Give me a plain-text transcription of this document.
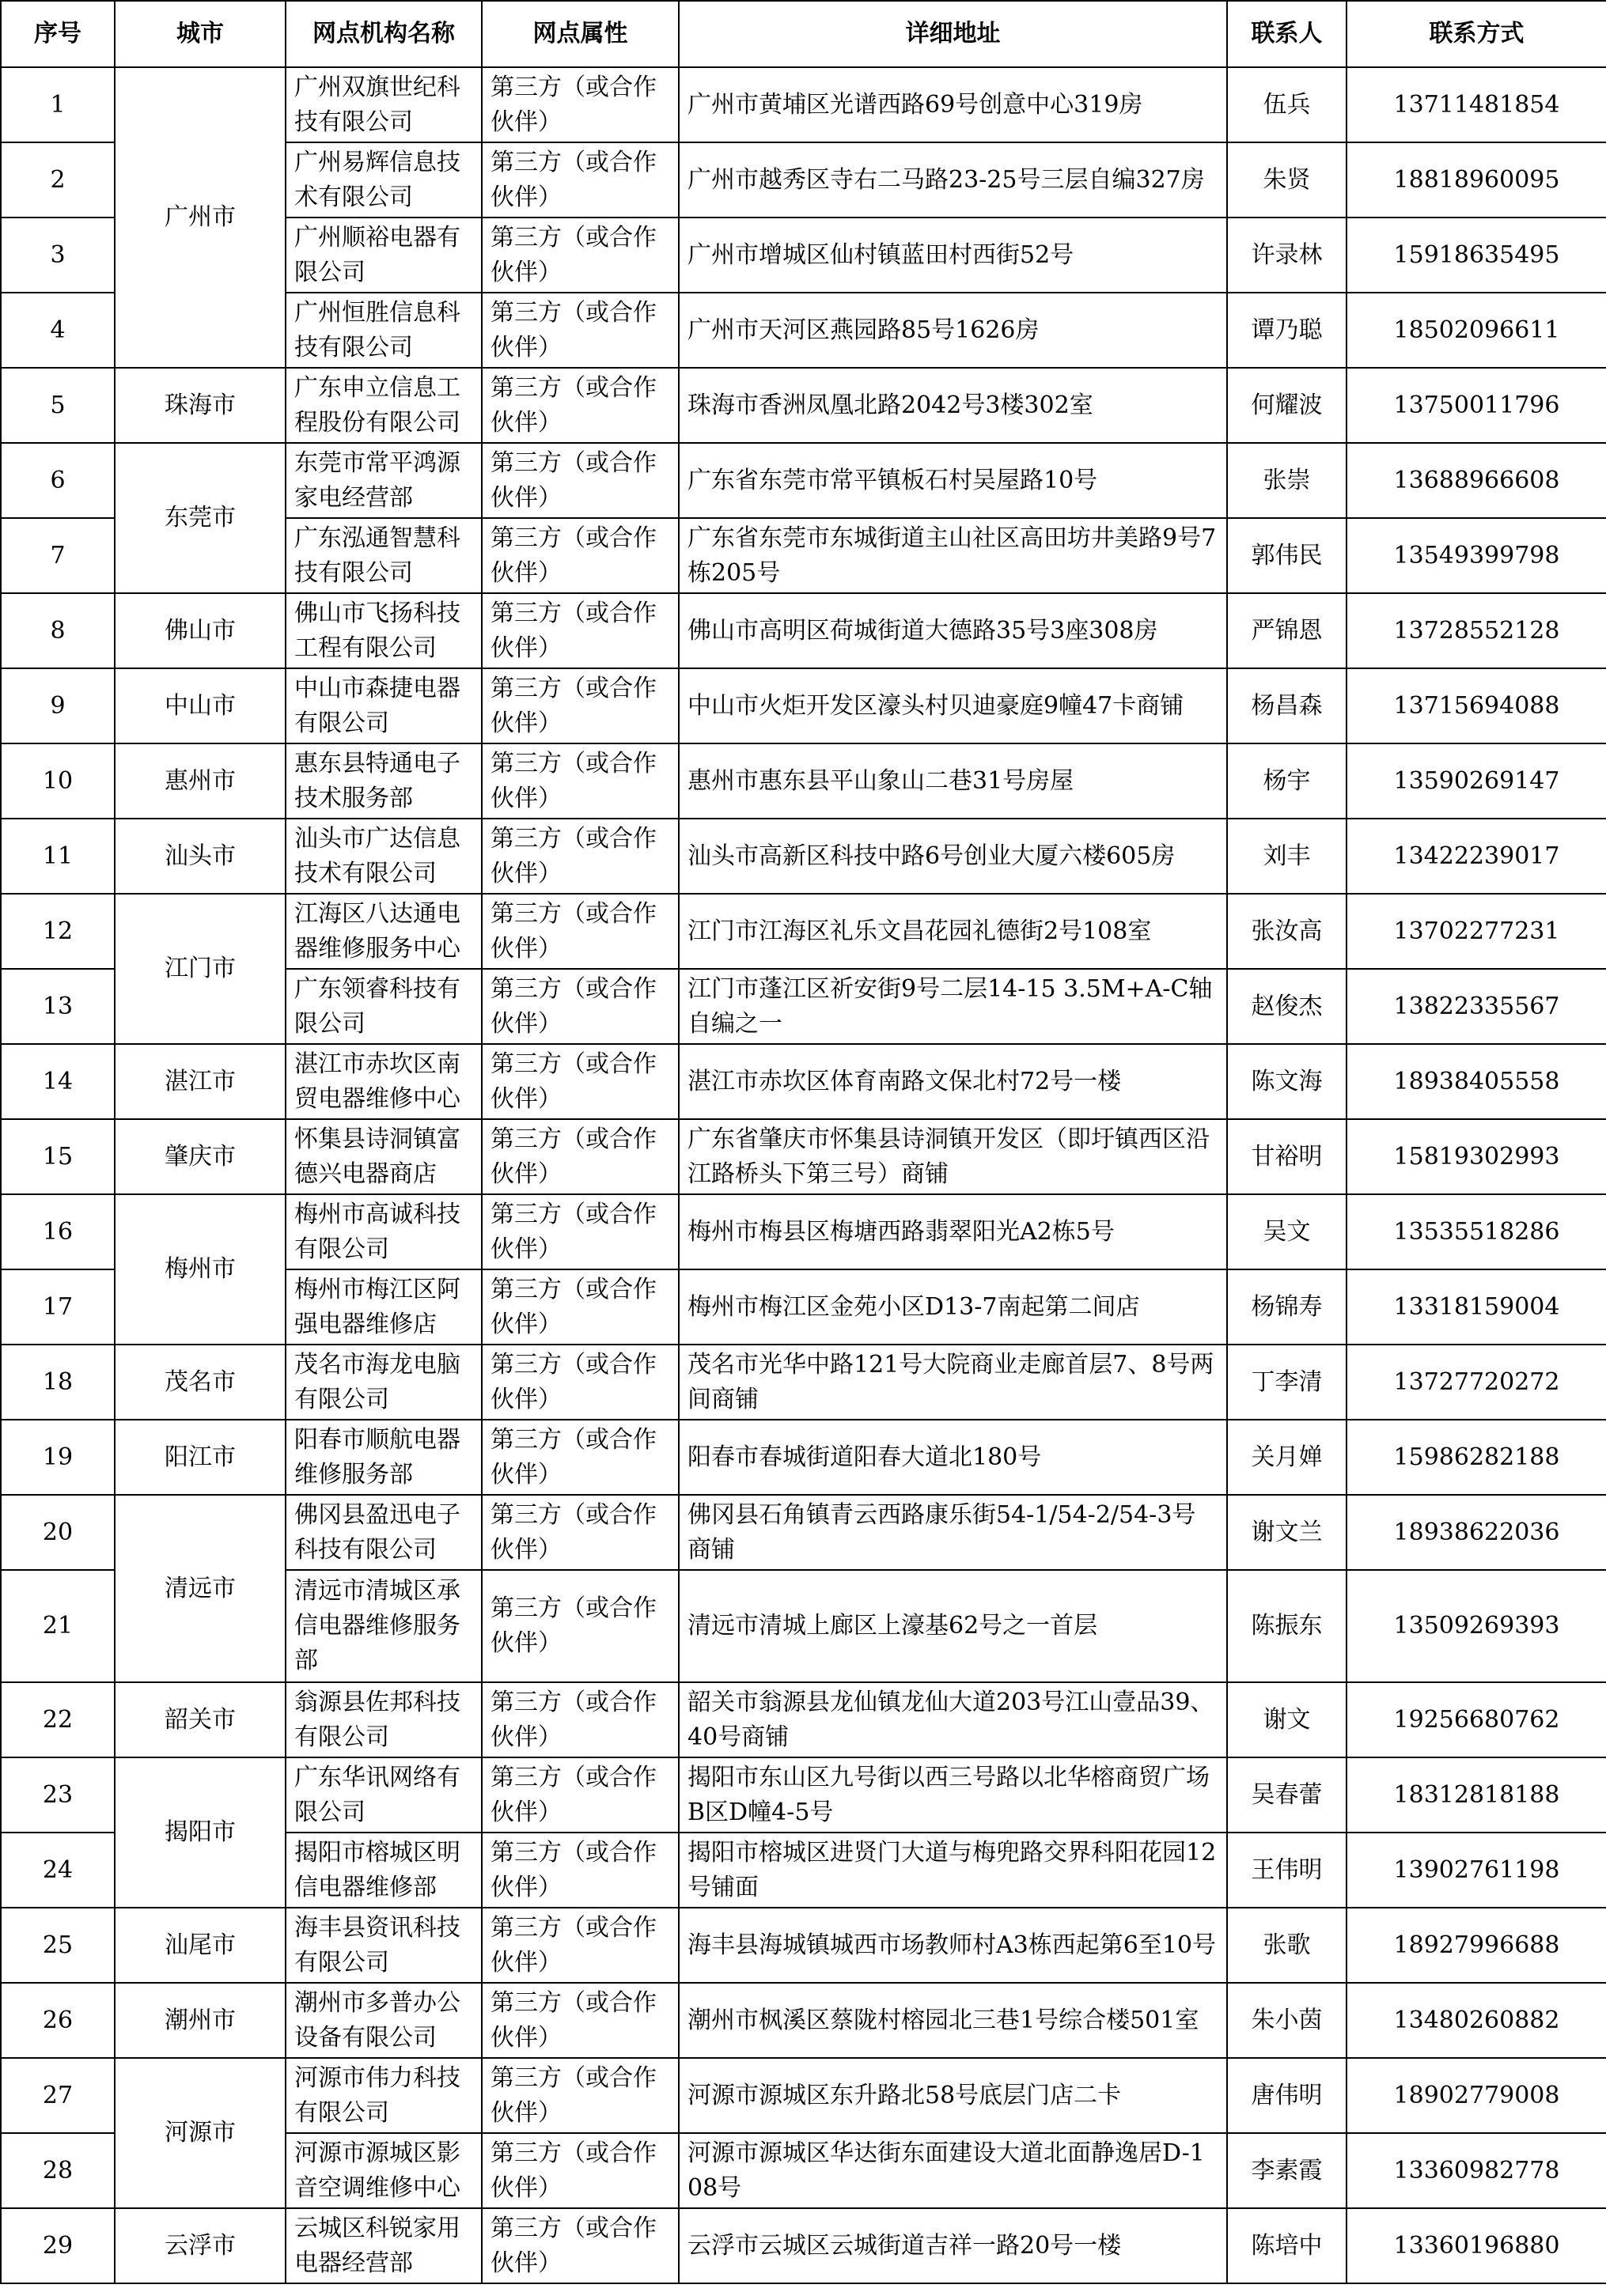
序号	城市	网点机构名称	网点属性	详细地址	联系人	联系方式
1	广州市	广州双旗世纪科技有限公司	第三方（或合作伙伴）	广州市黄埔区光谱西路69号创意中心319房	伍兵	13711481854
2		广州易辉信息技术有限公司	第三方（或合作伙伴）	广州市越秀区寺右二马路23-25号三层自编327房	朱贤	18818960095
3		广州顺裕电器有限公司	第三方（或合作伙伴）	广州市增城区仙村镇蓝田村西街52号	许录林	15918635495
4		广州恒胜信息科技有限公司	第三方（或合作伙伴）	广州市天河区燕园路85号1626房	谭乃聪	18502096611
5	珠海市	广东申立信息工程股份有限公司	第三方（或合作伙伴）	珠海市香洲凤凰北路2042号3楼302室	何耀波	13750011796
6	东莞市	东莞市常平鸿源家电经营部	第三方（或合作伙伴）	广东省东莞市常平镇板石村吴屋路10号	张崇	13688966608
7		广东泓通智慧科技有限公司	第三方（或合作伙伴）	广东省东莞市东城街道主山社区高田坊井美路9号7栋205号	郭伟民	13549399798
8	佛山市	佛山市飞扬科技工程有限公司	第三方（或合作伙伴）	佛山市高明区荷城街道大德路35号3座308房	严锦恩	13728552128
9	中山市	中山市森捷电器有限公司	第三方（或合作伙伴）	中山市火炬开发区濠头村贝迪豪庭9幢47卡商铺	杨昌森	13715694088
10	惠州市	惠东县特通电子技术服务部	第三方（或合作伙伴）	惠州市惠东县平山象山二巷31号房屋	杨宇	13590269147
11	汕头市	汕头市广达信息技术有限公司	第三方（或合作伙伴）	汕头市高新区科技中路6号创业大厦六楼605房	刘丰	13422239017
12	江门市	江海区八达通电器维修服务中心	第三方（或合作伙伴）	江门市江海区礼乐文昌花园礼德街2号108室	张汝高	13702277231
13		广东领睿科技有限公司	第三方（或合作伙伴）	江门市蓬江区祈安街9号二层14-15 3.5M+A-C轴自编之一	赵俊杰	13822335567
14	湛江市	湛江市赤坎区南贸电器维修中心	第三方（或合作伙伴）	湛江市赤坎区体育南路文保北村72号一楼	陈文海	18938405558
15	肇庆市	怀集县诗洞镇富德兴电器商店	第三方（或合作伙伴）	广东省肇庆市怀集县诗洞镇开发区（即圩镇西区沿江路桥头下第三号）商铺	甘裕明	15819302993
16	梅州市	梅州市高诚科技有限公司	第三方（或合作伙伴）	梅州市梅县区梅塘西路翡翠阳光A2栋5号	吴文	13535518286
17		梅州市梅江区阿强电器维修店	第三方（或合作伙伴）	梅州市梅江区金苑小区D13-7南起第二间店	杨锦寿	13318159004
18	茂名市	茂名市海龙电脑有限公司	第三方（或合作伙伴）	茂名市光华中路121号大院商业走廊首层7、8号两间商铺	丁李清	13727720272
19	阳江市	阳春市顺航电器维修服务部	第三方（或合作伙伴）	阳春市春城街道阳春大道北180号	关月婵	15986282188
20	清远市	佛冈县盈迅电子科技有限公司	第三方（或合作伙伴）	佛冈县石角镇青云西路康乐街54-1/54-2/54-3号商铺	谢文兰	18938622036
21		清远市清城区承信电器维修服务部	第三方（或合作伙伴）	清远市清城上廊区上濠基62号之一首层	陈振东	13509269393
22	韶关市	翁源县佐邦科技有限公司	第三方（或合作伙伴）	韶关市翁源县龙仙镇龙仙大道203号江山壹品39、40号商铺	谢文	19256680762
23	揭阳市	广东华讯网络有限公司	第三方（或合作伙伴）	揭阳市东山区九号街以西三号路以北华榕商贸广场B区D幢4-5号	吴春蕾	18312818188
24		揭阳市榕城区明信电器维修部	第三方（或合作伙伴）	揭阳市榕城区进贤门大道与梅兜路交界科阳花园12号铺面	王伟明	13902761198
25	汕尾市	海丰县资讯科技有限公司	第三方（或合作伙伴）	海丰县海城镇城西市场教师村A3栋西起第6至10号	张歌	18927996688
26	潮州市	潮州市多普办公设备有限公司	第三方（或合作伙伴）	潮州市枫溪区蔡陇村榕园北三巷1号综合楼501室	朱小茵	13480260882
27	河源市	河源市伟力科技有限公司	第三方（或合作伙伴）	河源市源城区东升路北58号底层门店二卡	唐伟明	18902779008
28		河源市源城区影音空调维修中心	第三方（或合作伙伴）	河源市源城区华达街东面建设大道北面静逸居D-108号	李素霞	13360982778
29	云浮市	云城区科锐家用电器经营部	第三方（或合作伙伴）	云浮市云城区云城街道吉祥一路20号一楼	陈培中	13360196880
